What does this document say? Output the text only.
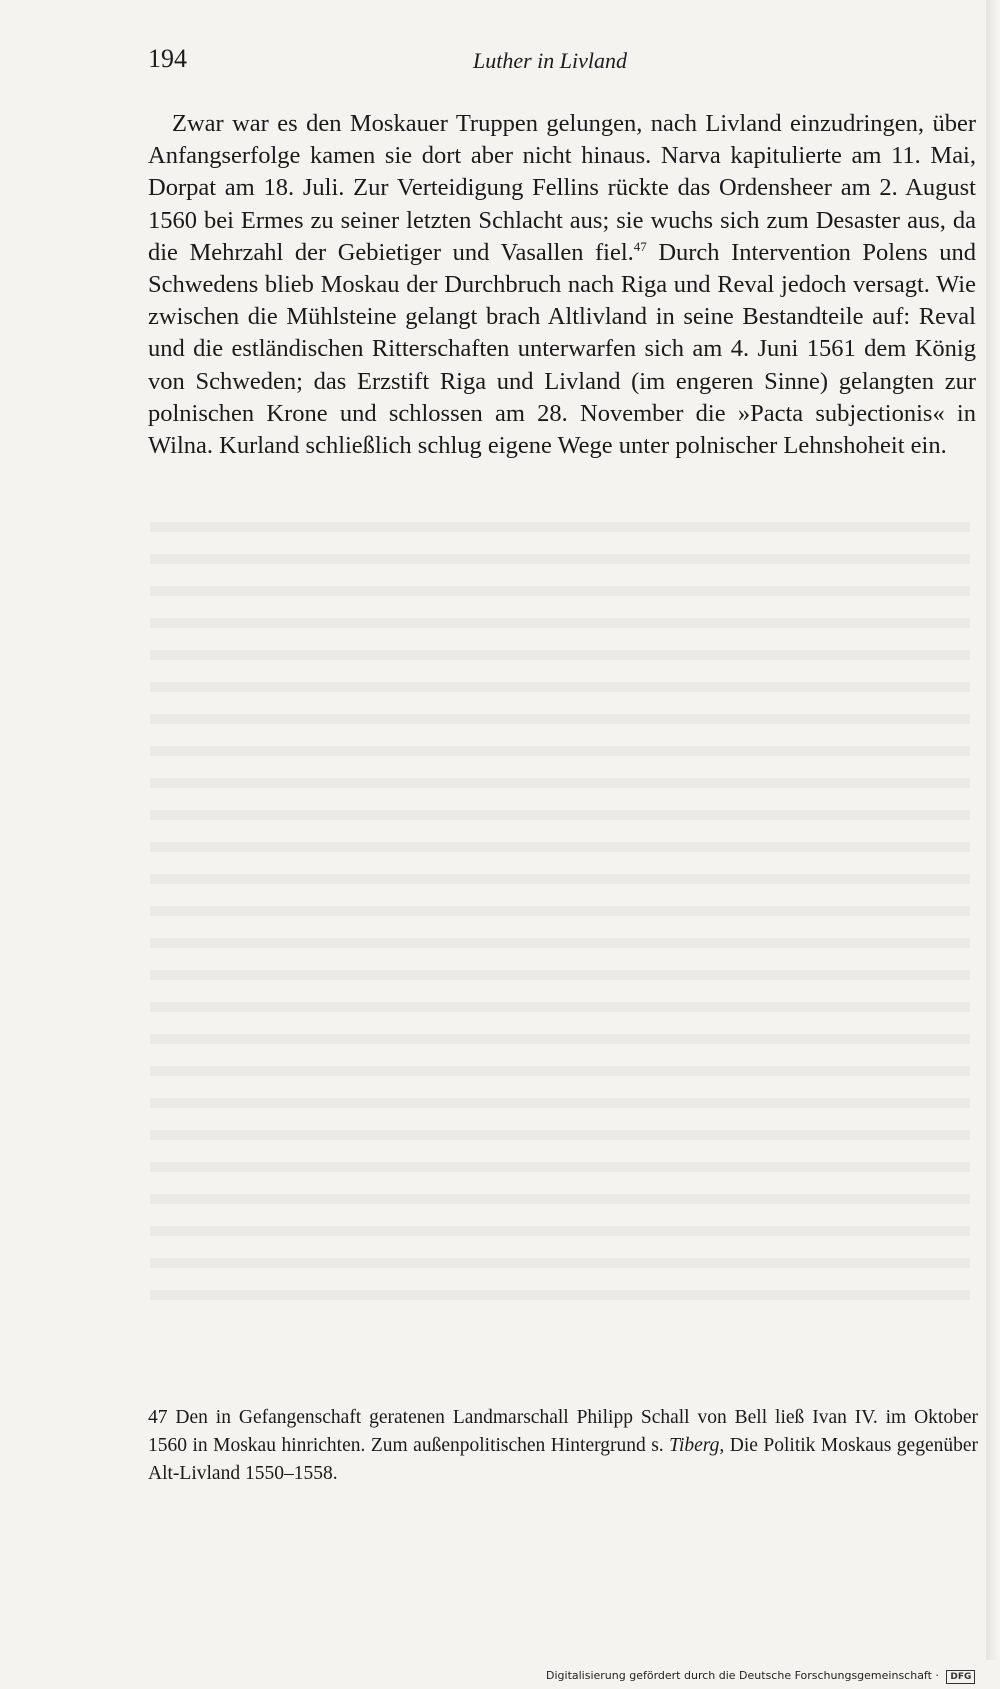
194	Luther in Livland

Zwar war es den Moskauer Truppen gelungen, nach Livland einzudringen, über Anfangserfolge kamen sie dort aber nicht hinaus. Narva kapitulierte am 11. Mai, Dorpat am 18. Juli. Zur Verteidigung Fellins rückte das Ordensheer am 2. August 1560 bei Ermes zu seiner letzten Schlacht aus; sie wuchs sich zum Desaster aus, da die Mehrzahl der Gebietiger und Vasallen fiel.$^{47}$ Durch Intervention Polens und Schwedens blieb Moskau der Durchbruch nach Riga und Reval jedoch versagt. Wie zwischen die Mühlsteine gelangt brach Altlivland in seine Bestandteile auf: Reval und die estländischen Ritterschaften unterwarfen sich am 4. Juni 1561 dem König von Schweden; das Erzstift Riga und Livland (im engeren Sinne) gelangten zur polnischen Krone und schlossen am 28. November die »Pacta subjectionis« in Wilna. Kurland schließlich schlug eigene Wege unter polnischer Lehnshoheit ein.

47 Den in Gefangenschaft geratenen Landmarschall Philipp Schall von Bell ließ Ivan IV. im Oktober 1560 in Moskau hinrichten. Zum außenpolitischen Hintergrund s. Tiberg, Die Politik Moskaus gegenüber Alt-Livland 1550–1558.

Digitalisierung gefördert durch die Deutsche Forschungsgemeinschaft · DFG
